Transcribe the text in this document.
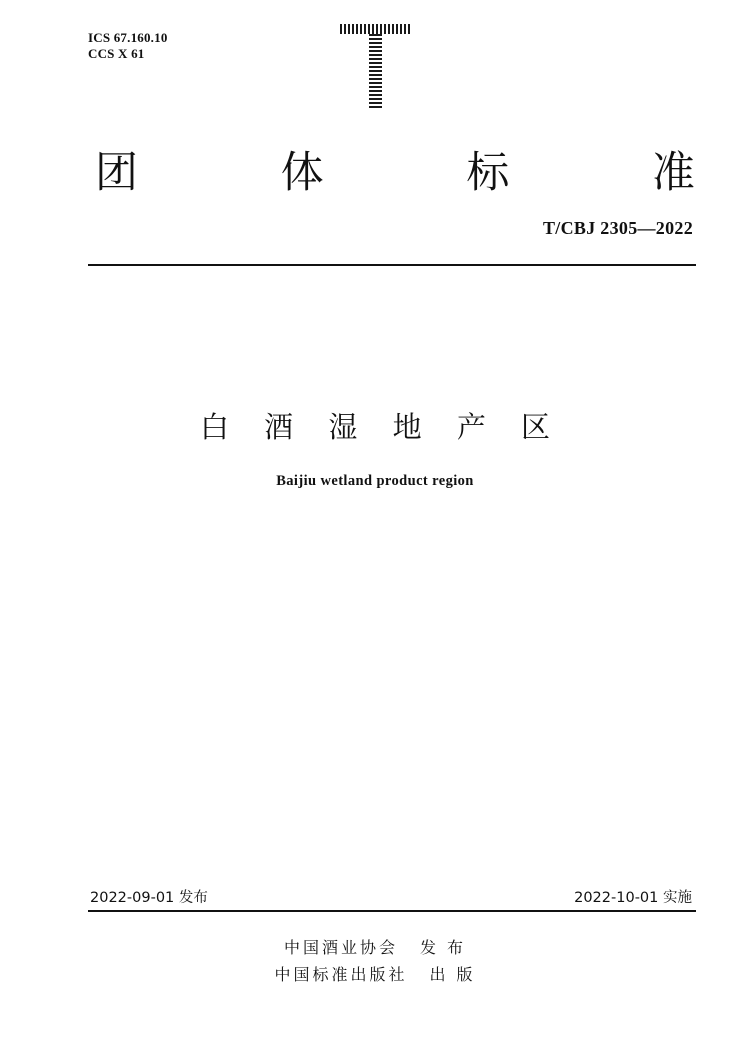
ICS 67.160.10
CCS X 61
团	体	标	准
T/CBJ 2305—2022
白 酒 湿 地 产 区
Baijiu wetland product region
2022-09-01 发布	2022-10-01 实施
中国酒业协会 发 布
中国标准出版社 出 版
